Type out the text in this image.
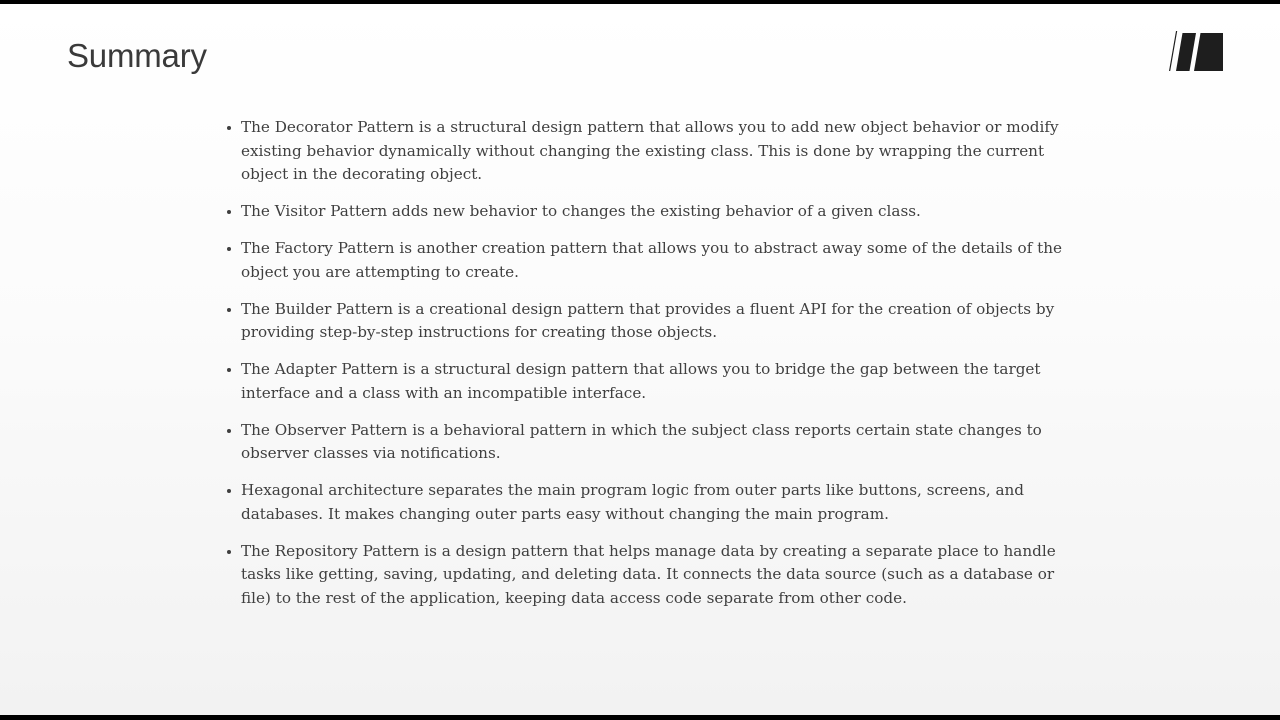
Summary
The Decorator Pattern is a structural design pattern that allows you to add new object behavior or modify existing behavior dynamically without changing the existing class. This is done by wrapping the current object in the decorating object.
The Visitor Pattern adds new behavior to changes the existing behavior of a given class.
The Factory Pattern is another creation pattern that allows you to abstract away some of the details of the object you are attempting to create.
The Builder Pattern is a creational design pattern that provides a fluent API for the creation of objects by providing step-by-step instructions for creating those objects.
The Adapter Pattern is a structural design pattern that allows you to bridge the gap between the target interface and a class with an incompatible interface.
The Observer Pattern is a behavioral pattern in which the subject class reports certain state changes to observer classes via notifications.
Hexagonal architecture separates the main program logic from outer parts like buttons, screens, and databases. It makes changing outer parts easy without changing the main program.
The Repository Pattern is a design pattern that helps manage data by creating a separate place to handle tasks like getting, saving, updating, and deleting data. It connects the data source (such as a database or file) to the rest of the application, keeping data access code separate from other code.
